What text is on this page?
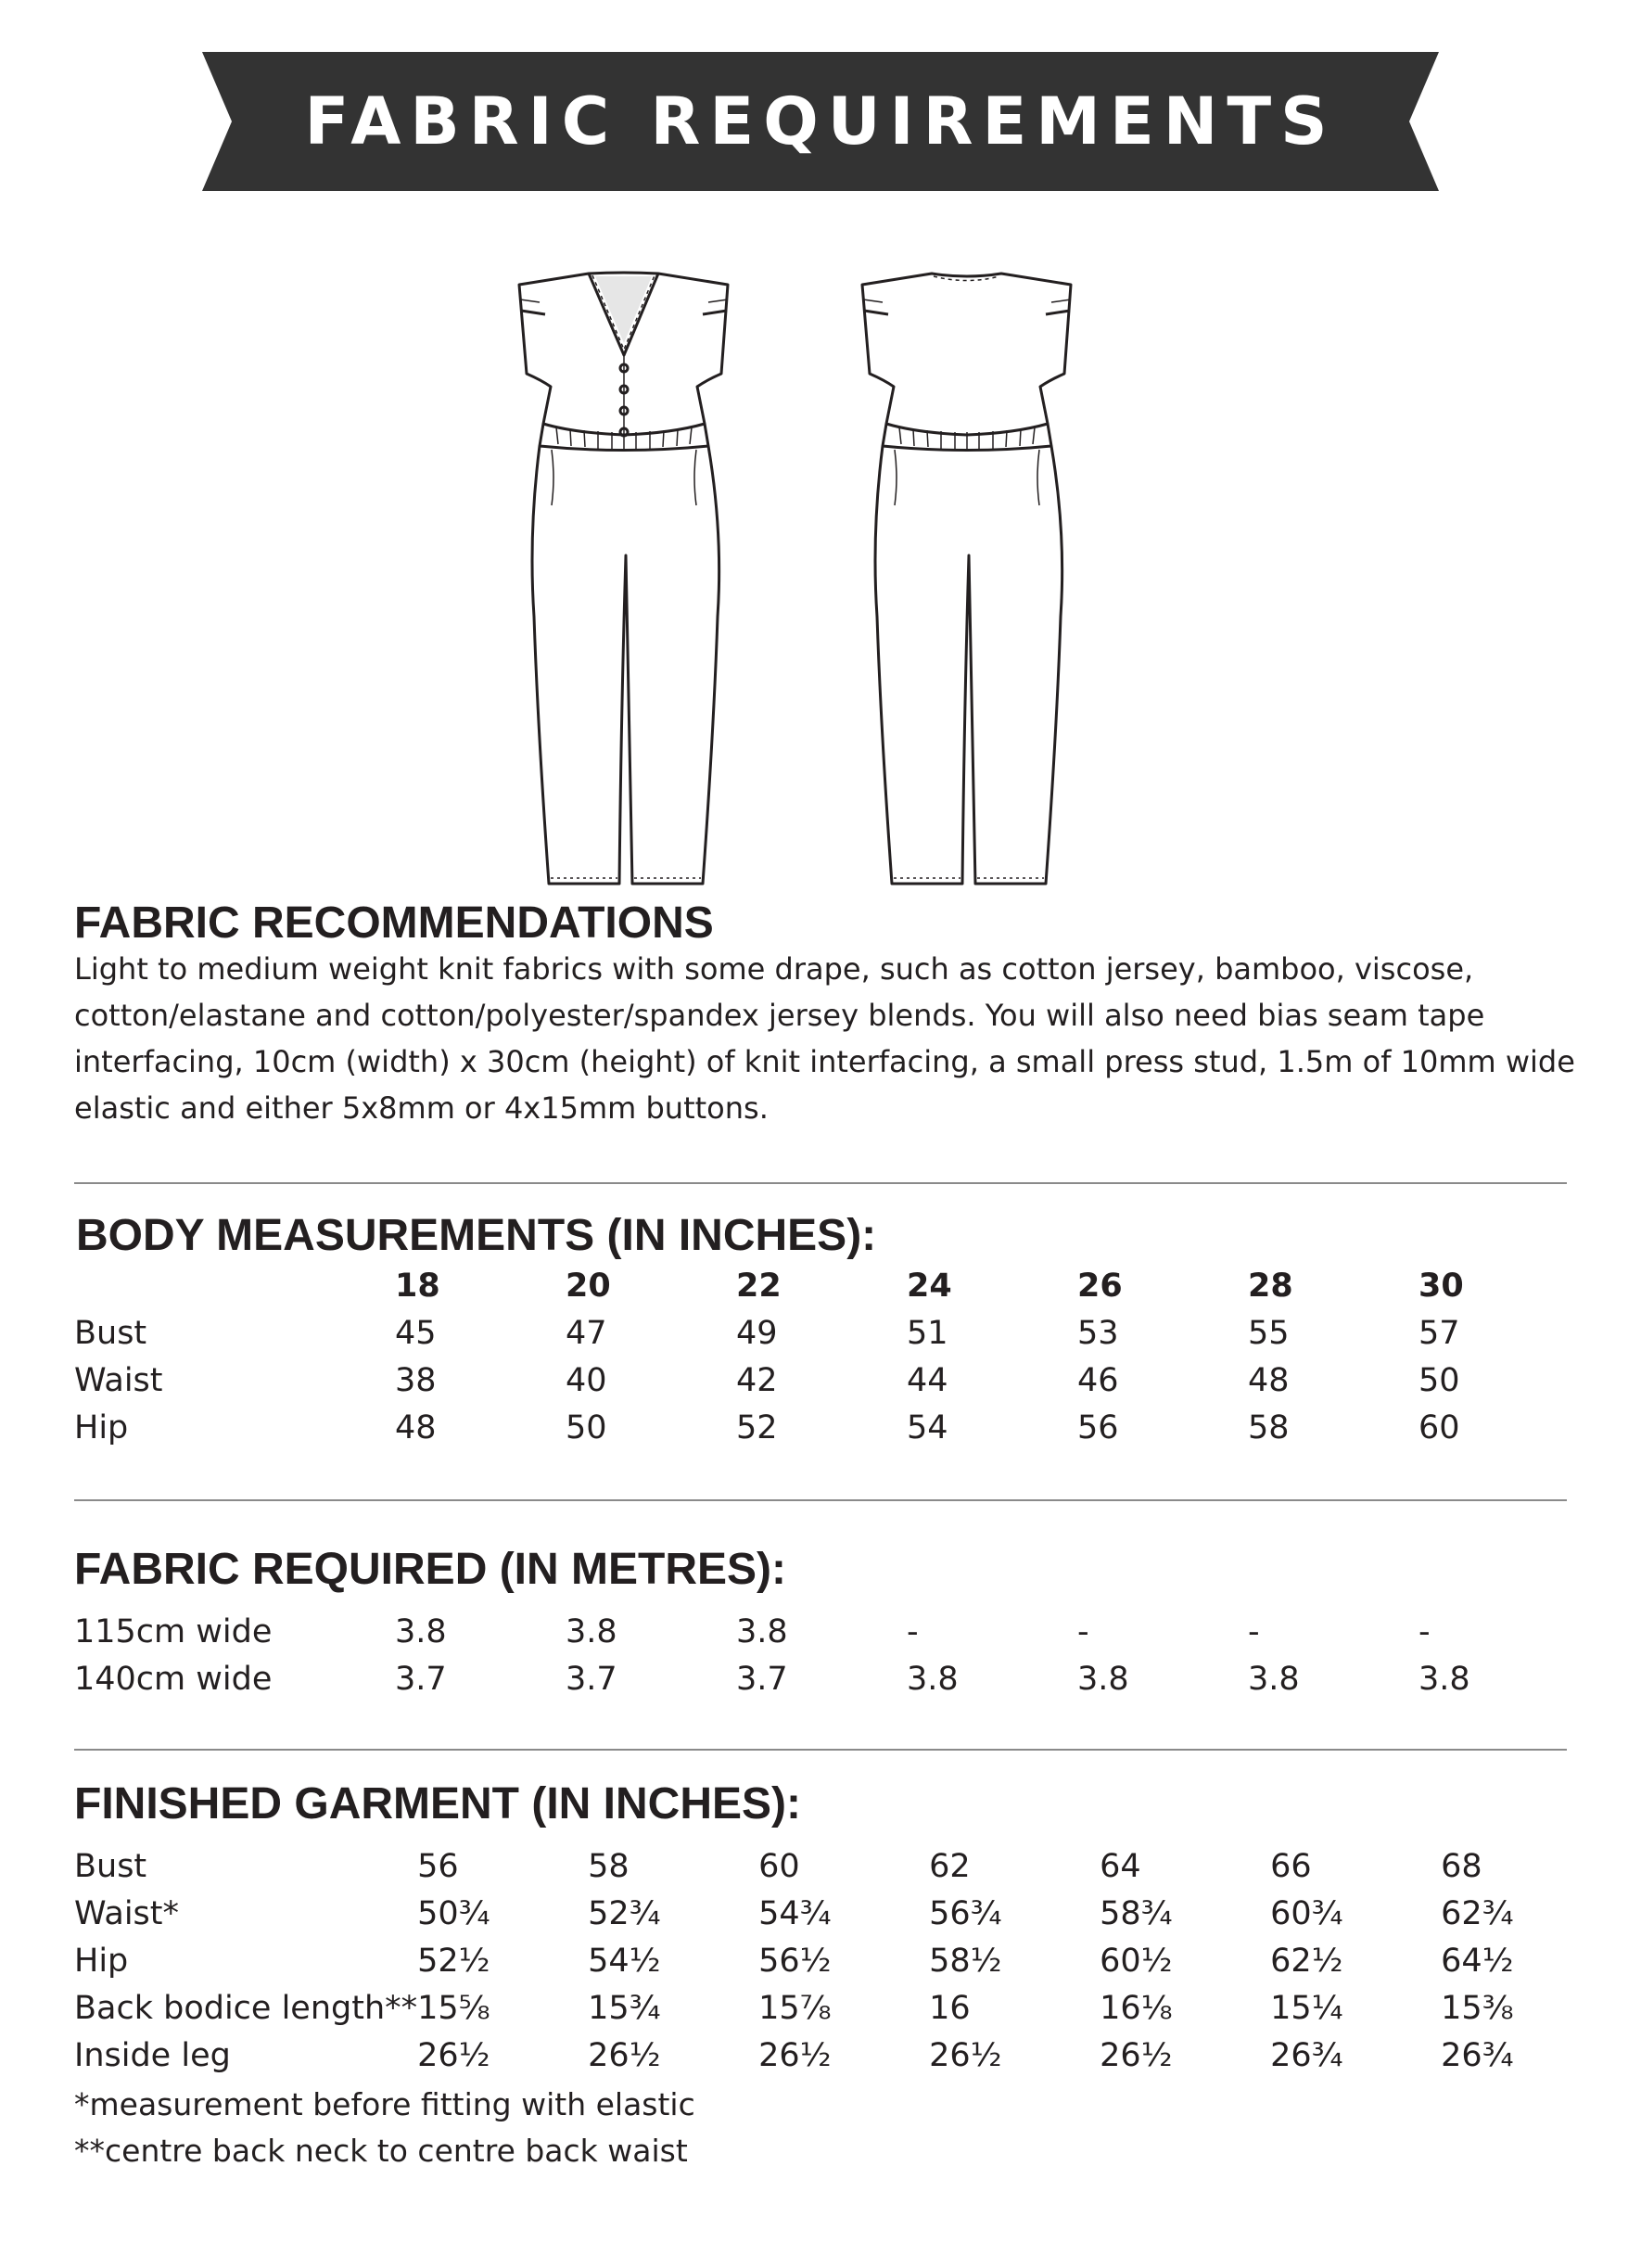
FABRIC REQUIREMENTS
FABRIC RECOMMENDATIONS
Light to medium weight knit fabrics with some drape, such as cotton jersey, bamboo, viscose,
cotton/elastane and cotton/polyester/spandex jersey blends. You will also need bias seam tape
interfacing, 10cm (width) x 30cm (height) of knit interfacing, a small press stud, 1.5m of 10mm wide
elastic and either 5x8mm or 4x15mm buttons.
BODY MEASUREMENTS (IN INCHES):
	18	20	22	24	26	28	30
Bust	45	47	49	51	53	55	57
Waist	38	40	42	44	46	48	50
Hip	48	50	52	54	56	58	60
FABRIC REQUIRED (IN METRES):
115cm wide	3.8	3.8	3.8	-	-	-	-
140cm wide	3.7	3.7	3.7	3.8	3.8	3.8	3.8
FINISHED GARMENT (IN INCHES):
Bust	56	58	60	62	64	66	68
Waist*	50¾	52¾	54¾	56¾	58¾	60¾	62¾
Hip	52½	54½	56½	58½	60½	62½	64½
Back bodice length**	15⅝	15¾	15⅞	16	16⅛	15¼	15⅜
Inside leg	26½	26½	26½	26½	26½	26¾	26¾
*measurement before fitting with elastic
**centre back neck to centre back waist
